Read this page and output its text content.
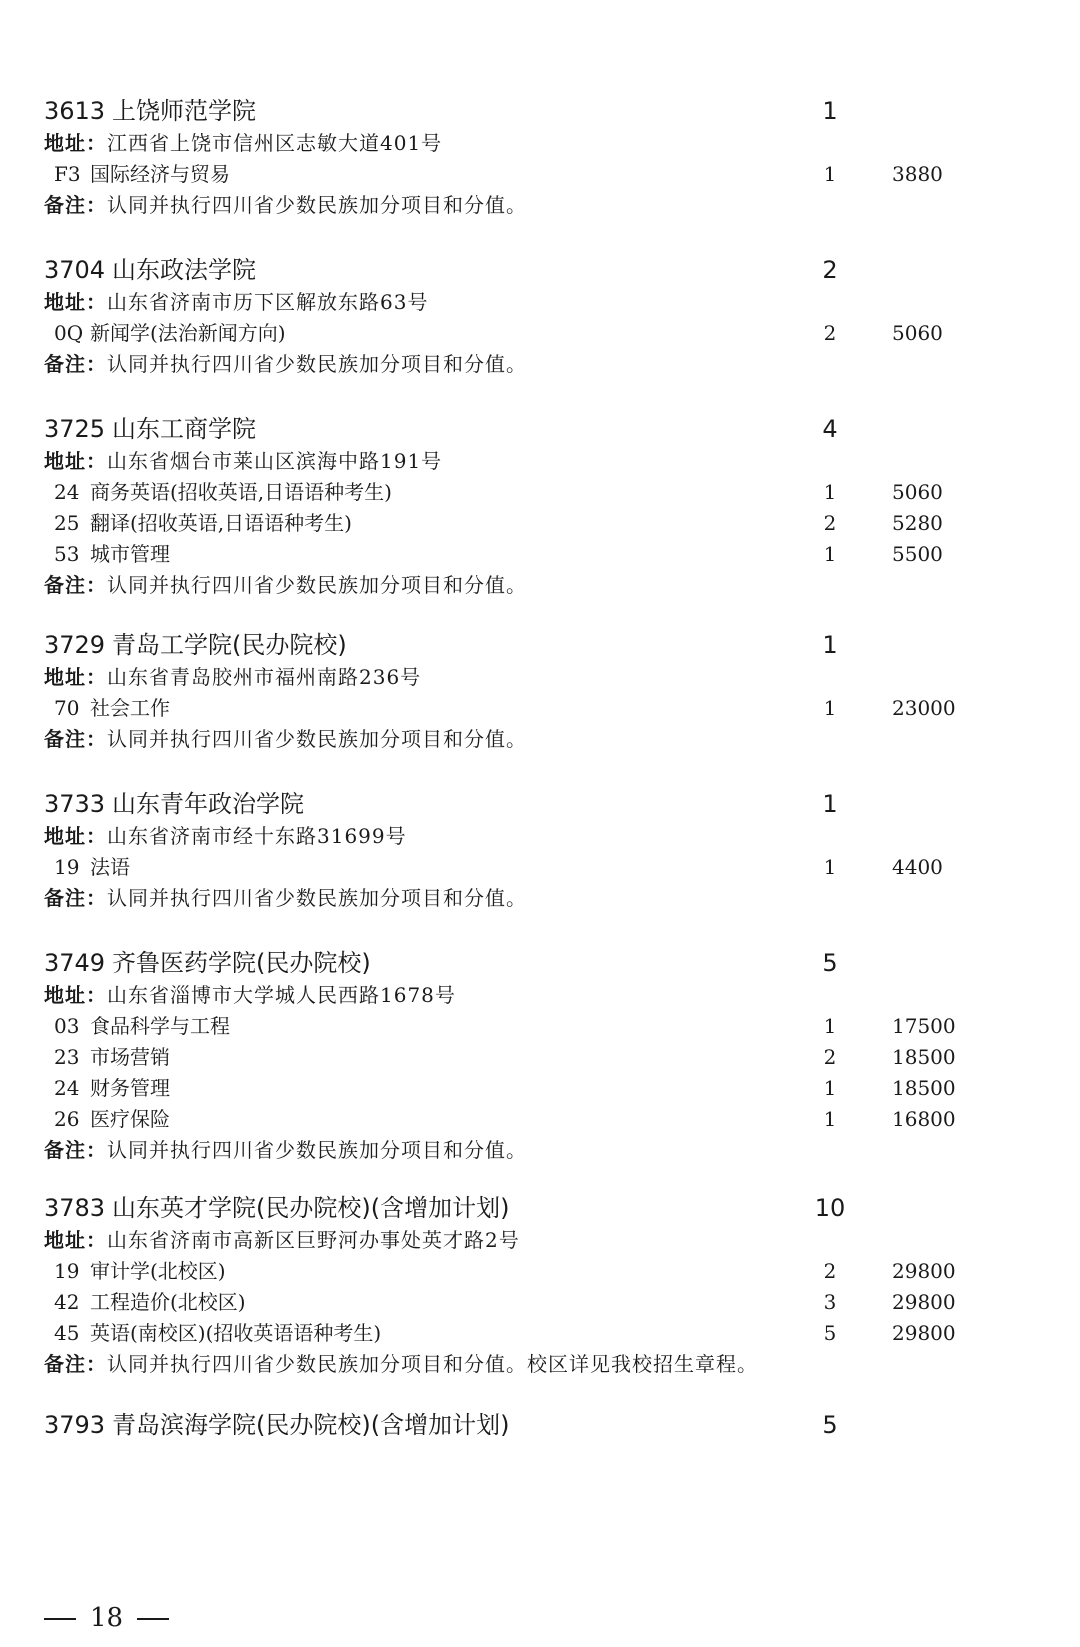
3613 上饶师范学院	1
地址：江西省上饶市信州区志敏大道401号
F3 国际经济与贸易	1	3880
备注：认同并执行四川省少数民族加分项目和分值。
3704 山东政法学院	2
地址：山东省济南市历下区解放东路63号
0Q 新闻学(法治新闻方向)	2	5060
备注：认同并执行四川省少数民族加分项目和分值。
3725 山东工商学院	4
地址：山东省烟台市莱山区滨海中路191号
24 商务英语(招收英语,日语语种考生)	1	5060
25 翻译(招收英语,日语语种考生)	2	5280
53 城市管理	1	5500
备注：认同并执行四川省少数民族加分项目和分值。
3729 青岛工学院(民办院校)	1
地址：山东省青岛胶州市福州南路236号
70 社会工作	1	23000
备注：认同并执行四川省少数民族加分项目和分值。
3733 山东青年政治学院	1
地址：山东省济南市经十东路31699号
19 法语	1	4400
备注：认同并执行四川省少数民族加分项目和分值。
3749 齐鲁医药学院(民办院校)	5
地址：山东省淄博市大学城人民西路1678号
03 食品科学与工程	1	17500
23 市场营销	2	18500
24 财务管理	1	18500
26 医疗保险	1	16800
备注：认同并执行四川省少数民族加分项目和分值。
3783 山东英才学院(民办院校)(含增加计划)	10
地址：山东省济南市高新区巨野河办事处英才路2号
19 审计学(北校区)	2	29800
42 工程造价(北校区)	3	29800
45 英语(南校区)(招收英语语种考生)	5	29800
备注：认同并执行四川省少数民族加分项目和分值。校区详见我校招生章程。
3793 青岛滨海学院(民办院校)(含增加计划)	5
18
